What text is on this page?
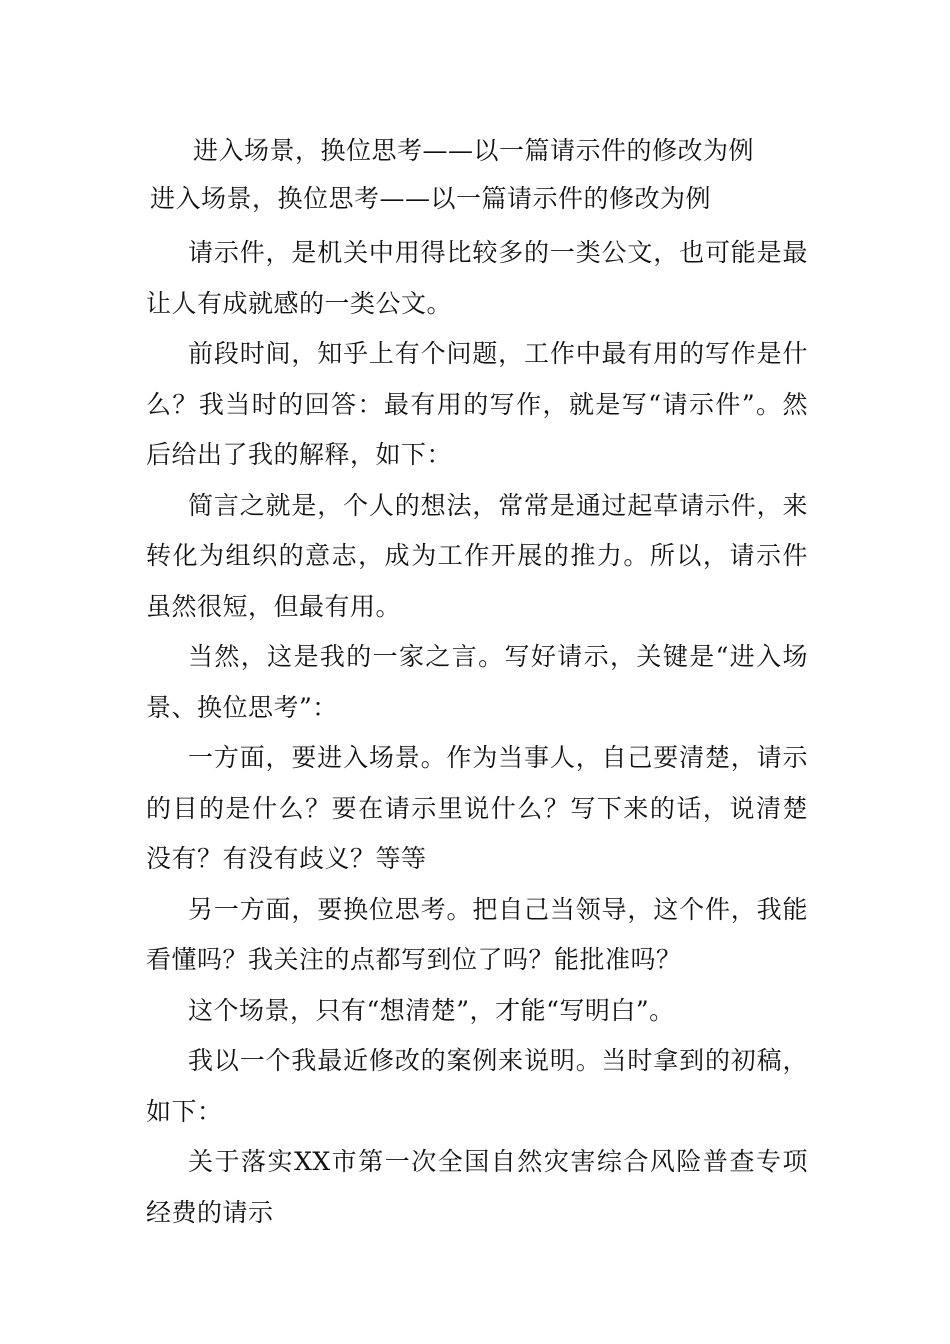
进入场景，换位思考——以一篇请示件的修改为例
进入场景，换位思考——以一篇请示件的修改为例

请示件，是机关中用得比较多的一类公文，也可能是最让人有成就感的一类公文。

前段时间，知乎上有个问题，工作中最有用的写作是什么？我当时的回答：最有用的写作，就是写“请示件”。然后给出了我的解释，如下：

简言之就是，个人的想法，常常是通过起草请示件，来转化为组织的意志，成为工作开展的推力。所以，请示件虽然很短，但最有用。

当然，这是我的一家之言。写好请示，关键是“进入场景、换位思考”：

一方面，要进入场景。作为当事人，自己要清楚，请示的目的是什么？要在请示里说什么？写下来的话，说清楚没有？有没有歧义？等等

另一方面，要换位思考。把自己当领导，这个件，我能看懂吗？我关注的点都写到位了吗？能批准吗？

这个场景，只有“想清楚”，才能“写明白”。

我以一个我最近修改的案例来说明。当时拿到的初稿，如下：

关于落实XX市第一次全国自然灾害综合风险普查专项经费的请示
